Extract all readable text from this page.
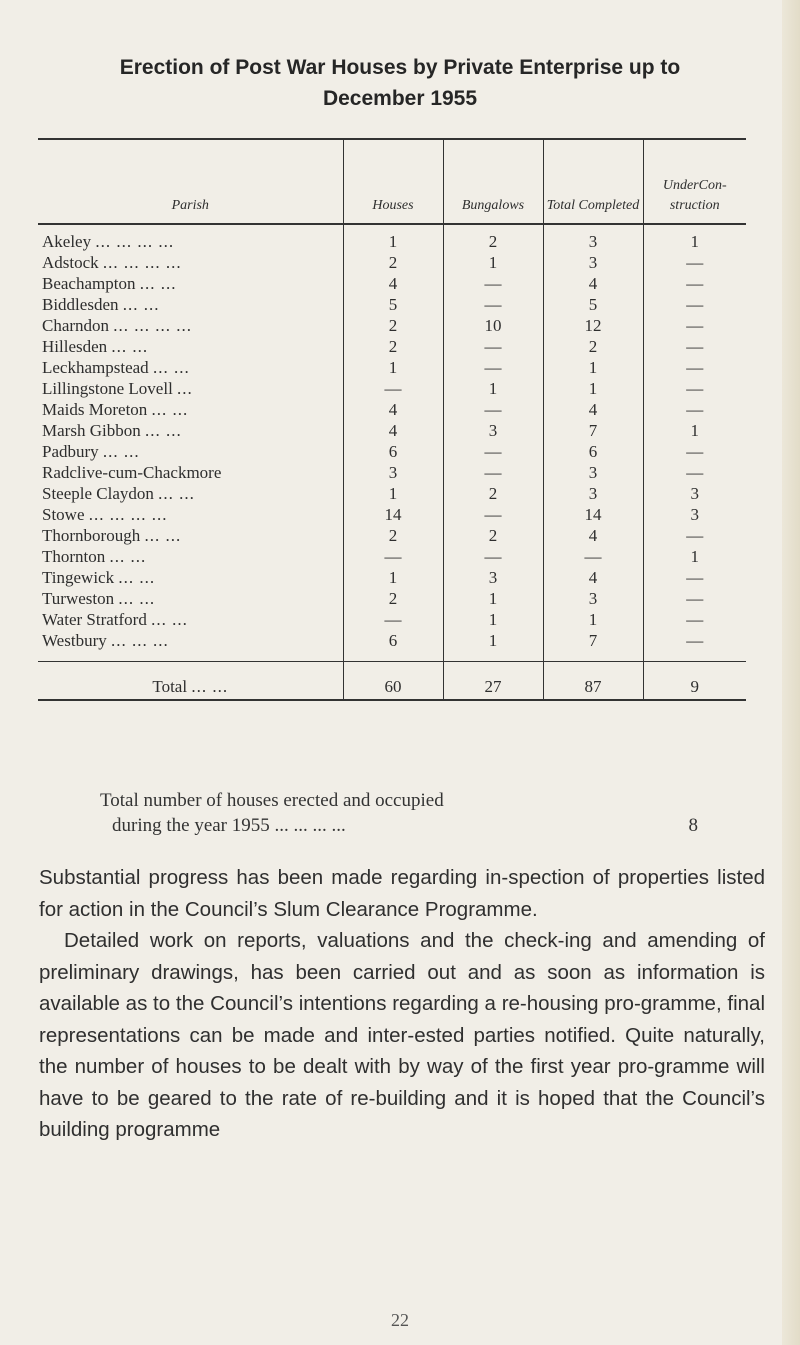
Erection of Post War Houses by Private Enterprise up to
December 1955
Parish	Houses	Bungalows	Total Completed	UnderCon- struction
Akeley ... ... ... ...	1	2	3	1
Adstock ... ... ... ...	2	1	3	—
Beachampton ... ...	4	—	4	—
Biddlesden ... ...	5	—	5	—
Charndon ... ... ... ...	2	10	12	—
Hillesden ... ...	2	—	2	—
Leckhampstead ... ...	1	—	1	—
Lillingstone Lovell ...	—	1	1	—
Maids Moreton ... ...	4	—	4	—
Marsh Gibbon ... ...	4	3	7	1
Padbury ... ...	6	—	6	—
Radclive-cum-Chackmore	3	—	3	—
Steeple Claydon ... ...	1	2	3	3
Stowe ... ... ... ...	14	—	14	3
Thornborough ... ...	2	2	4	—
Thornton ... ...	—	—	—	1
Tingewick ... ...	1	3	4	—
Turweston ... ...	2	1	3	—
Water Stratford ... ...	—	1	1	—
Westbury ... ... ...	6	1	7	—
Total ... ...	60	27	87	9
Total number of houses erected and occupied
during the year 1955 ... ... ... ...	8

Substantial progress has been made regarding in-spection of properties listed for action in the Council’s Slum Clearance Programme.

Detailed work on reports, valuations and the check-ing and amending of preliminary drawings, has been carried out and as soon as information is available as to the Council’s intentions regarding a re-housing pro-gramme, final representations can be made and inter-ested parties notified. Quite naturally, the number of houses to be dealt with by way of the first year pro-gramme will have to be geared to the rate of re-building and it is hoped that the Council’s building programme

22
